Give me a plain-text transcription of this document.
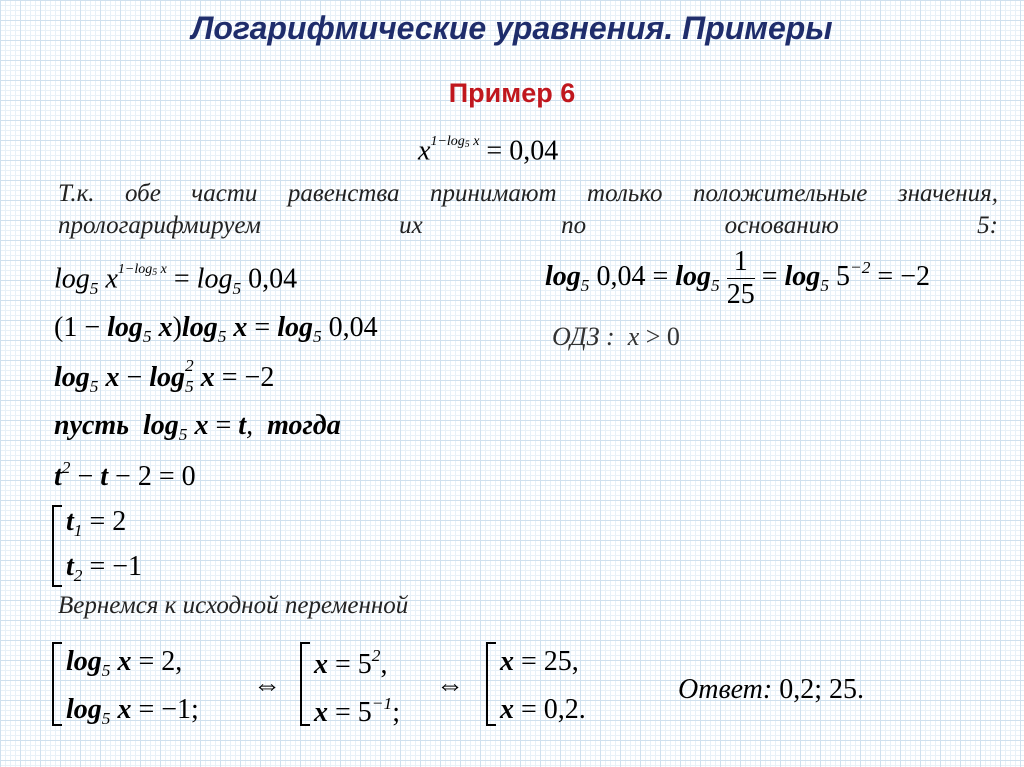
Логарифмические уравнения. Примеры
Пример 6
$x^{1-log5 x} = 0,04$
Т.к. обе части равенства принимают только положительные значения, прологарифмируем их по основанию 5:
$\log_5 x^{1-log5 x} = \log_5 0,04$
$(1 - \log_5 x)\log_5$ $x = \log_5 0,04$
$\log_5 x - \log _{2 5}$ x = −2
пусть $\log_5 x = t$,  тогда
$t^2 - t - 2 = 0$
$t_1 = 2$
$t_2 = -1$
Вернемся к исходной переменной
$\log_5 0,04 = \log_5 \frac{1}{25} = \log_5 5^{-2} = -2$
ОДЗ :  x > 0
$\log_5 x = 2$,
$\log_5 x = -1$;
⇔
$x = 5^2$,
$x = 5^{-1}$;
⇔
x = 25,
x = 0,2.
Ответ: 0,2; 25.
